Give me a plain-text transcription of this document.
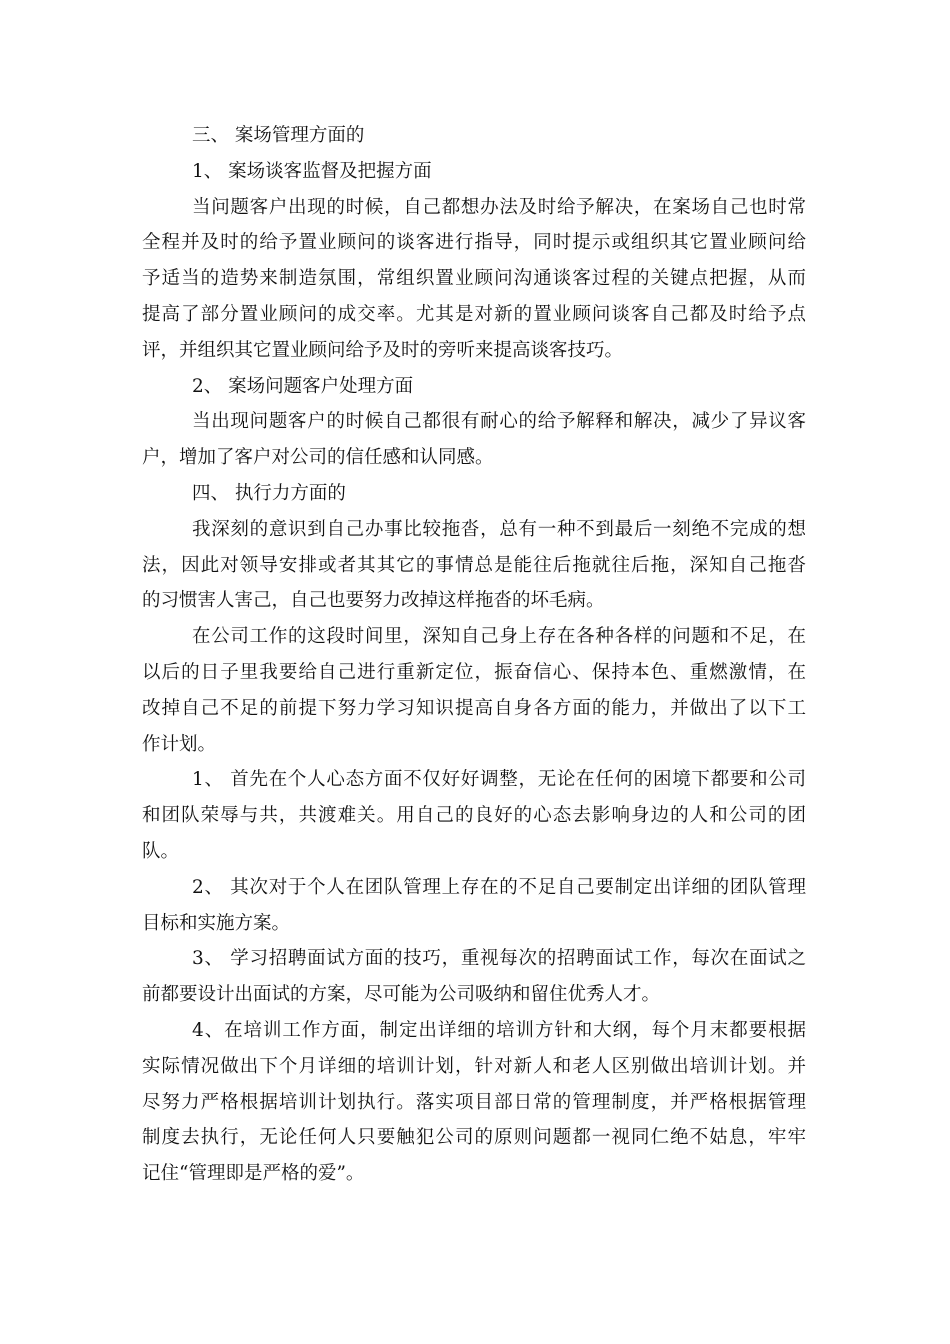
三、 案场管理方面的
1、 案场谈客监督及把握方面
当问题客户出现的时候，自己都想办法及时给予解决，在案场自己也时常
全程并及时的给予置业顾问的谈客进行指导，同时提示或组织其它置业顾问给
予适当的造势来制造氛围，常组织置业顾问沟通谈客过程的关键点把握，从而
提高了部分置业顾问的成交率。尤其是对新的置业顾问谈客自己都及时给予点
评，并组织其它置业顾问给予及时的旁听来提高谈客技巧。
2、 案场问题客户处理方面
当出现问题客户的时候自己都很有耐心的给予解释和解决，减少了异议客
户，增加了客户对公司的信任感和认同感。
四、 执行力方面的
我深刻的意识到自己办事比较拖沓，总有一种不到最后一刻绝不完成的想
法，因此对领导安排或者其其它的事情总是能往后拖就往后拖，深知自己拖沓
的习惯害人害己，自己也要努力改掉这样拖沓的坏毛病。
在公司工作的这段时间里，深知自己身上存在各种各样的问题和不足，在
以后的日子里我要给自己进行重新定位，振奋信心、保持本色、重燃激情，在
改掉自己不足的前提下努力学习知识提高自身各方面的能力，并做出了以下工
作计划。
1、 首先在个人心态方面不仅好好调整，无论在任何的困境下都要和公司
和团队荣辱与共，共渡难关。用自己的良好的心态去影响身边的人和公司的团
队。
2、 其次对于个人在团队管理上存在的不足自己要制定出详细的团队管理
目标和实施方案。
3、 学习招聘面试方面的技巧，重视每次的招聘面试工作，每次在面试之
前都要设计出面试的方案，尽可能为公司吸纳和留住优秀人才。
4、在培训工作方面，制定出详细的培训方针和大纲，每个月末都要根据
实际情况做出下个月详细的培训计划，针对新人和老人区别做出培训计划。并
尽努力严格根据培训计划执行。落实项目部日常的管理制度，并严格根据管理
制度去执行，无论任何人只要触犯公司的原则问题都一视同仁绝不姑息，牢牢
记住“管理即是严格的爱”。
